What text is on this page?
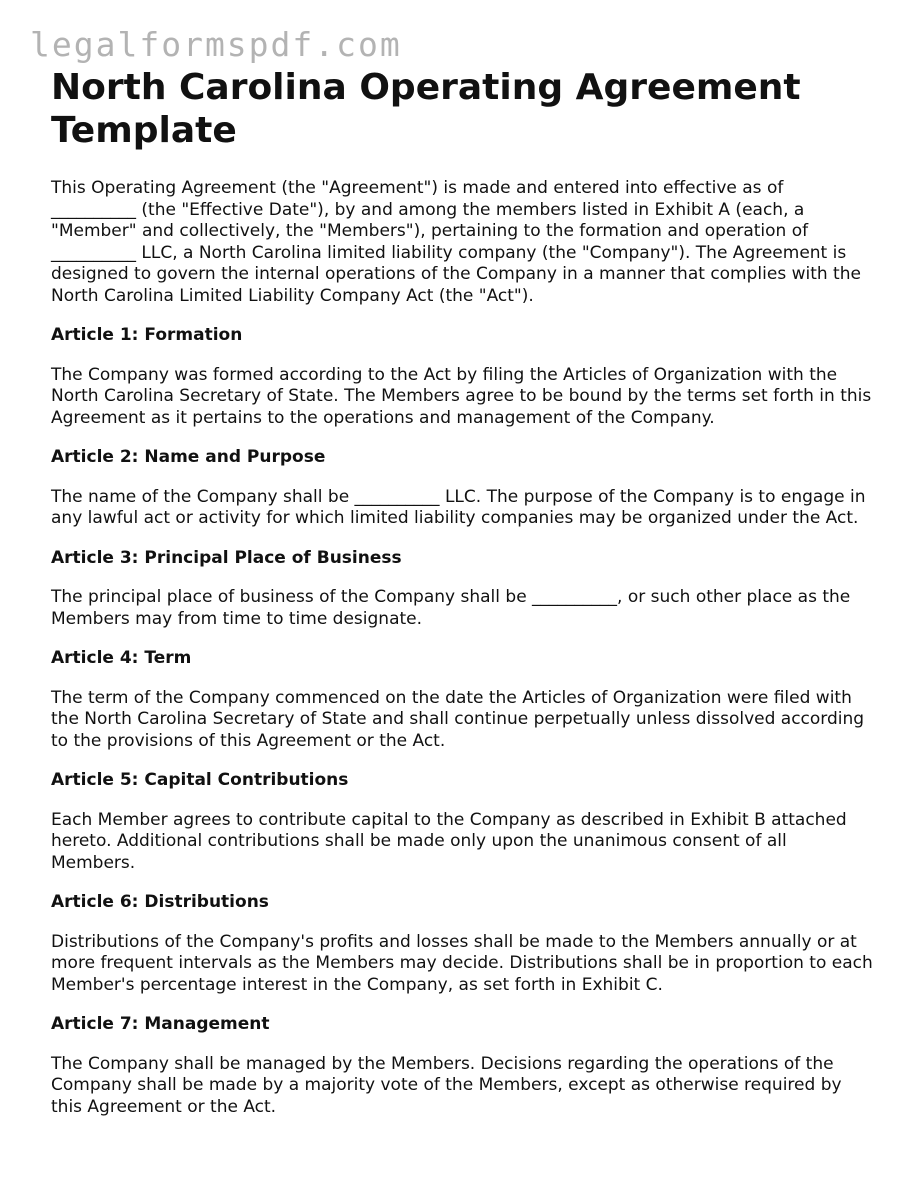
legalformspdf.com
North Carolina Operating Agreement Template

This Operating Agreement (the "Agreement") is made and entered into effective as of __________ (the "Effective Date"), by and among the members listed in Exhibit A (each, a "Member" and collectively, the "Members"), pertaining to the formation and operation of __________ LLC, a North Carolina limited liability company (the "Company"). The Agreement is designed to govern the internal operations of the Company in a manner that complies with the North Carolina Limited Liability Company Act (the "Act").

Article 1: Formation

The Company was formed according to the Act by filing the Articles of Organization with the North Carolina Secretary of State. The Members agree to be bound by the terms set forth in this Agreement as it pertains to the operations and management of the Company.

Article 2: Name and Purpose

The name of the Company shall be __________ LLC. The purpose of the Company is to engage in any lawful act or activity for which limited liability companies may be organized under the Act.

Article 3: Principal Place of Business

The principal place of business of the Company shall be __________, or such other place as the Members may from time to time designate.

Article 4: Term

The term of the Company commenced on the date the Articles of Organization were filed with the North Carolina Secretary of State and shall continue perpetually unless dissolved according to the provisions of this Agreement or the Act.

Article 5: Capital Contributions

Each Member agrees to contribute capital to the Company as described in Exhibit B attached hereto. Additional contributions shall be made only upon the unanimous consent of all Members.

Article 6: Distributions

Distributions of the Company's profits and losses shall be made to the Members annually or at more frequent intervals as the Members may decide. Distributions shall be in proportion to each Member's percentage interest in the Company, as set forth in Exhibit C.

Article 7: Management

The Company shall be managed by the Members. Decisions regarding the operations of the Company shall be made by a majority vote of the Members, except as otherwise required by this Agreement or the Act.
